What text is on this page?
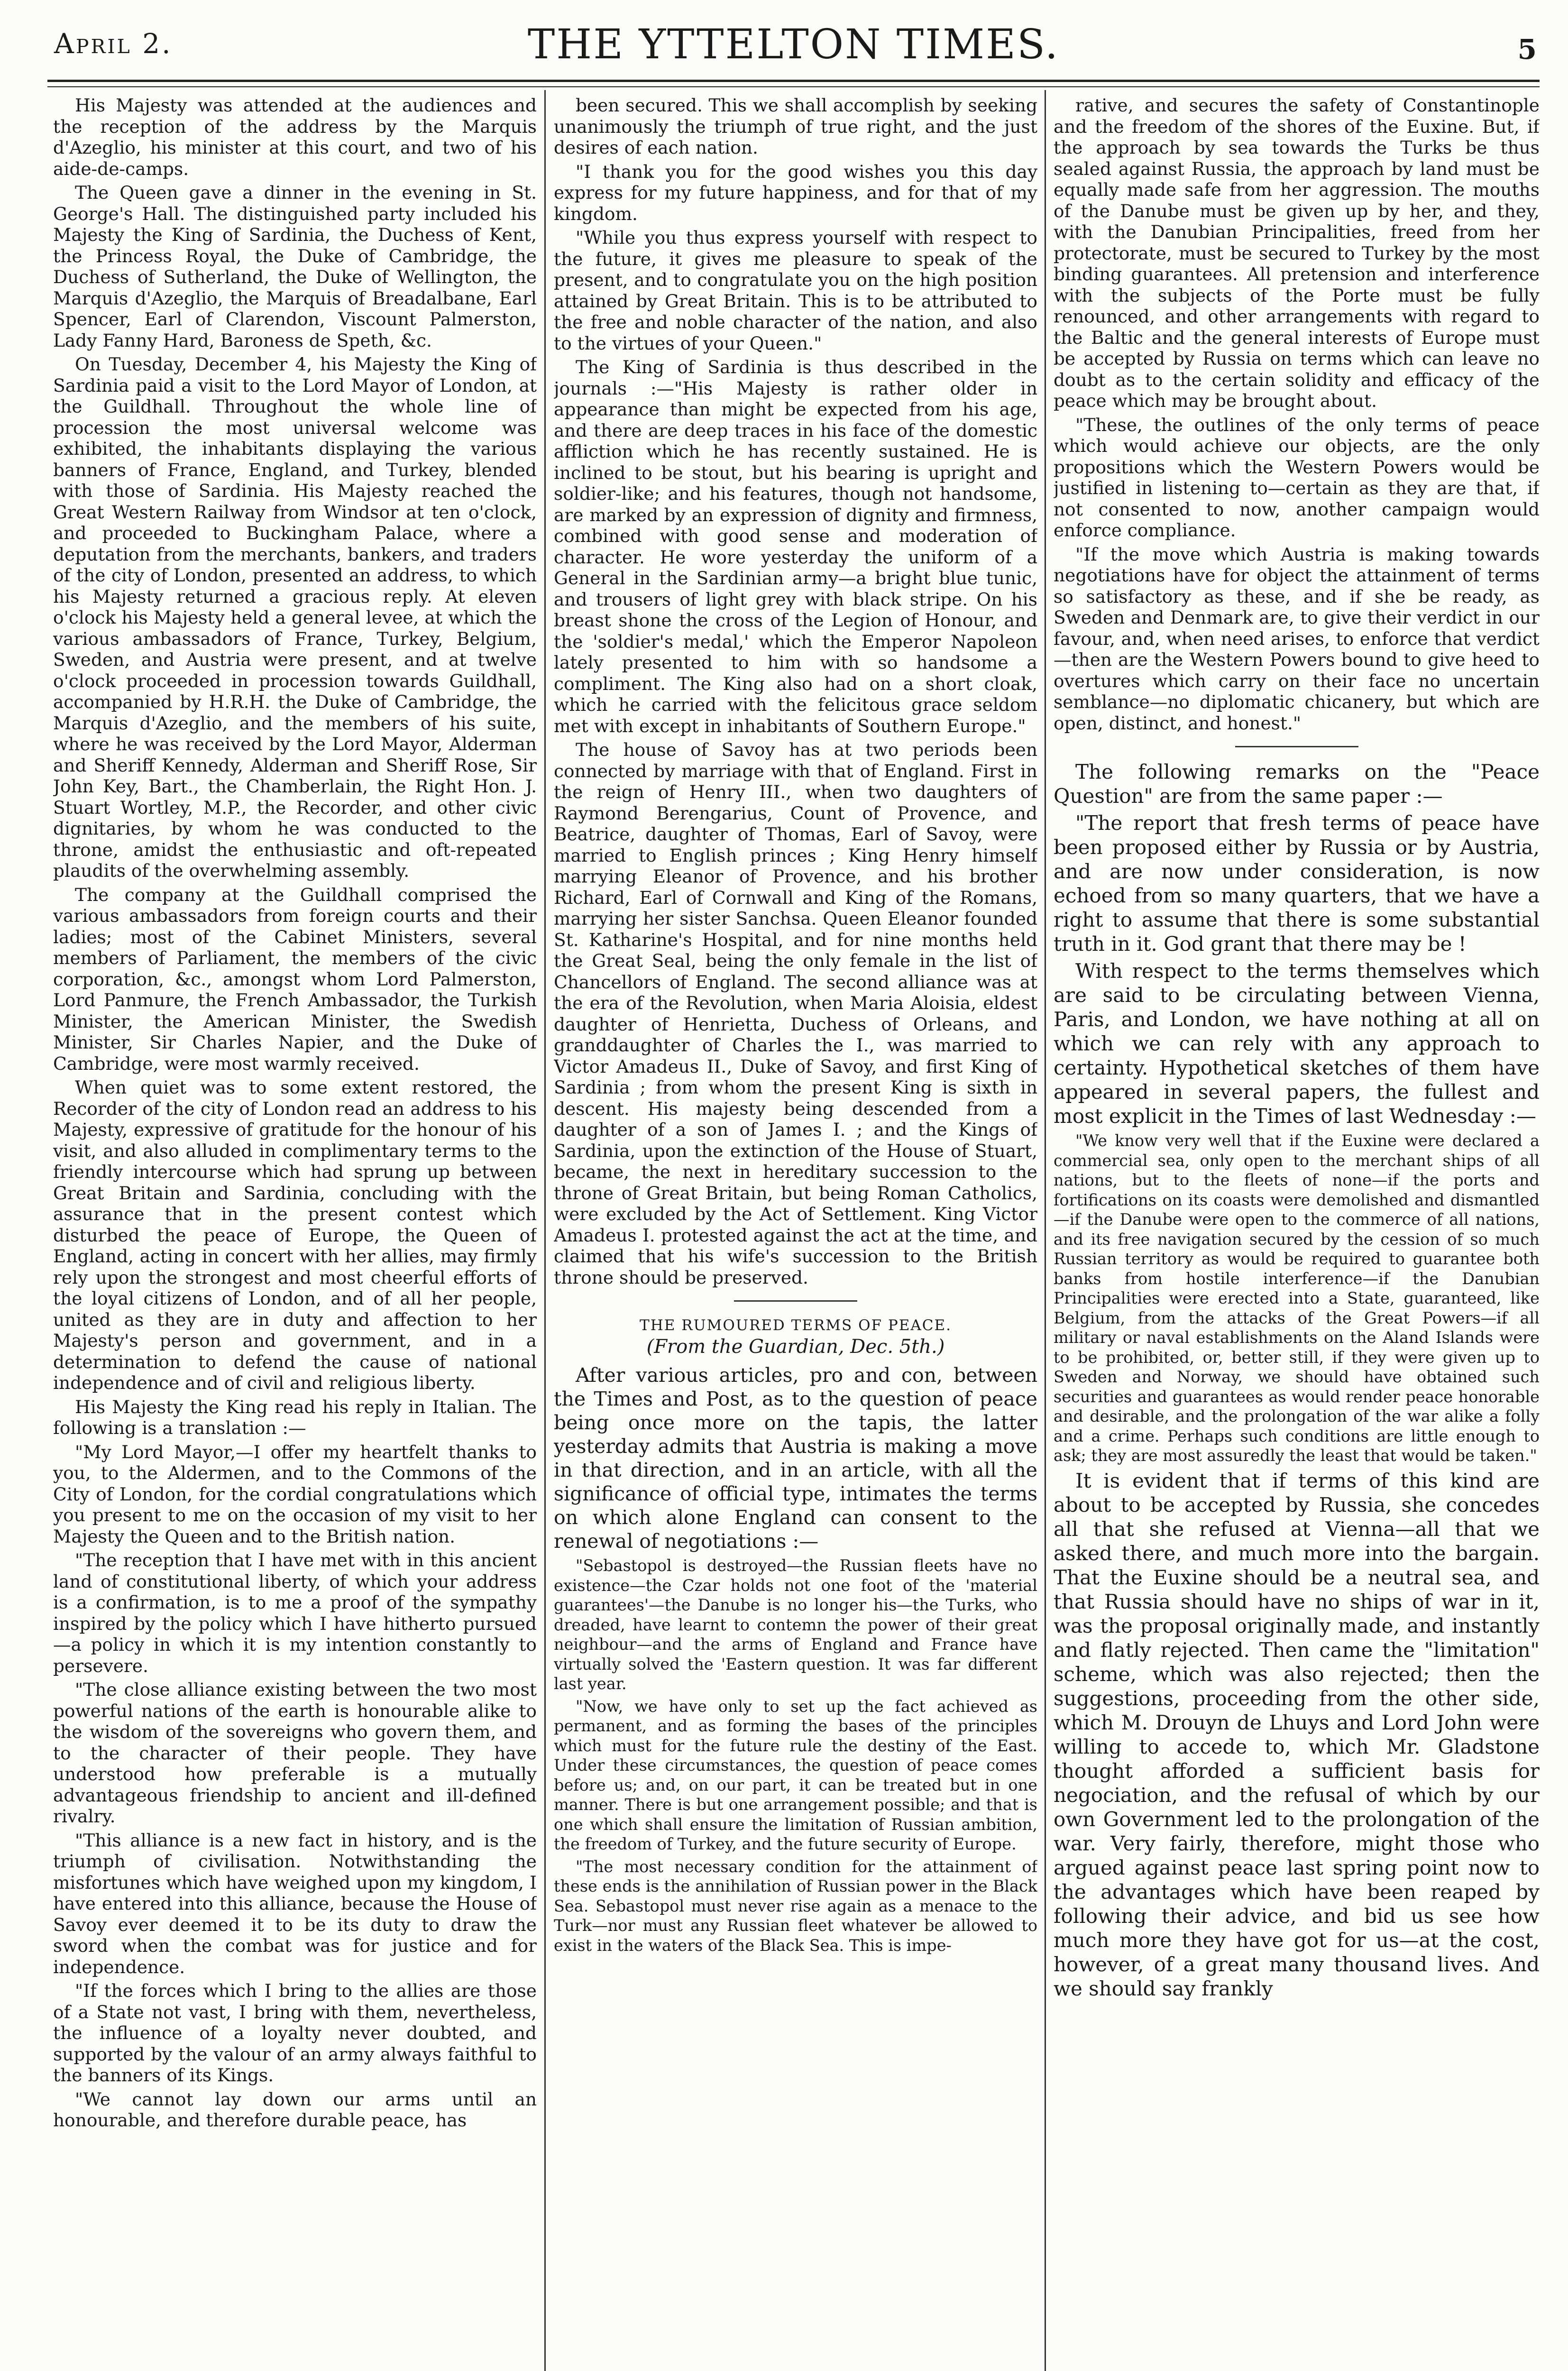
April 2.	THE YTTELTON TIMES.	5

His Majesty was attended at the audiences and the reception of the address by the Marquis d'Azeglio, his minister at this court, and two of his aide-de-camps.

The Queen gave a dinner in the evening in St. George's Hall. The distinguished party included his Majesty the King of Sardinia, the Duchess of Kent, the Princess Royal, the Duke of Cambridge, the Duchess of Sutherland, the Duke of Wellington, the Marquis d'Azeglio, the Marquis of Breadalbane, Earl Spencer, Earl of Clarendon, Viscount Palmerston, Lady Fanny Hard, Baroness de Speth, &c.

On Tuesday, December 4, his Majesty the King of Sardinia paid a visit to the Lord Mayor of London, at the Guildhall. Throughout the whole line of procession the most universal welcome was exhibited, the inhabitants displaying the various banners of France, England, and Turkey, blended with those of Sardinia. His Majesty reached the Great Western Railway from Windsor at ten o'clock, and proceeded to Buckingham Palace, where a deputation from the merchants, bankers, and traders of the city of London, presented an address, to which his Majesty returned a gracious reply. At eleven o'clock his Majesty held a general levee, at which the various ambassadors of France, Turkey, Belgium, Sweden, and Austria were present, and at twelve o'clock proceeded in procession towards Guildhall, accompanied by H.R.H. the Duke of Cambridge, the Marquis d'Azeglio, and the members of his suite, where he was received by the Lord Mayor, Alderman and Sheriff Kennedy, Alderman and Sheriff Rose, Sir John Key, Bart., the Chamberlain, the Right Hon. J. Stuart Wortley, M.P., the Recorder, and other civic dignitaries, by whom he was conducted to the throne, amidst the enthusiastic and oft-repeated plaudits of the overwhelming assembly.

The company at the Guildhall comprised the various ambassadors from foreign courts and their ladies; most of the Cabinet Ministers, several members of Parliament, the members of the civic corporation, &c., amongst whom Lord Palmerston, Lord Panmure, the French Ambassador, the Turkish Minister, the American Minister, the Swedish Minister, Sir Charles Napier, and the Duke of Cambridge, were most warmly received.

When quiet was to some extent restored, the Recorder of the city of London read an address to his Majesty, expressive of gratitude for the honour of his visit, and also alluded in complimentary terms to the friendly intercourse which had sprung up between Great Britain and Sardinia, concluding with the assurance that in the present contest which disturbed the peace of Europe, the Queen of England, acting in concert with her allies, may firmly rely upon the strongest and most cheerful efforts of the loyal citizens of London, and of all her people, united as they are in duty and affection to her Majesty's person and government, and in a determination to defend the cause of national independence and of civil and religious liberty.

His Majesty the King read his reply in Italian. The following is a translation :—

"My Lord Mayor,—I offer my heartfelt thanks to you, to the Aldermen, and to the Commons of the City of London, for the cordial congratulations which you present to me on the occasion of my visit to her Majesty the Queen and to the British nation.

"The reception that I have met with in this ancient land of constitutional liberty, of which your address is a confirmation, is to me a proof of the sympathy inspired by the policy which I have hitherto pursued—a policy in which it is my intention constantly to persevere.

"The close alliance existing between the two most powerful nations of the earth is honourable alike to the wisdom of the sovereigns who govern them, and to the character of their people. They have understood how preferable is a mutually advantageous friendship to ancient and ill-defined rivalry.

"This alliance is a new fact in history, and is the triumph of civilisation. Notwithstanding the misfortunes which have weighed upon my kingdom, I have entered into this alliance, because the House of Savoy ever deemed it to be its duty to draw the sword when the combat was for justice and for independence.

"If the forces which I bring to the allies are those of a State not vast, I bring with them, nevertheless, the influence of a loyalty never doubted, and supported by the valour of an army always faithful to the banners of its Kings.

"We cannot lay down our arms until an honourable, and therefore durable peace, has

been secured. This we shall accomplish by seeking unanimously the triumph of true right, and the just desires of each nation.

"I thank you for the good wishes you this day express for my future happiness, and for that of my kingdom.

"While you thus express yourself with respect to the future, it gives me pleasure to speak of the present, and to congratulate you on the high position attained by Great Britain. This is to be attributed to the free and noble character of the nation, and also to the virtues of your Queen."

The King of Sardinia is thus described in the journals :—"His Majesty is rather older in appearance than might be expected from his age, and there are deep traces in his face of the domestic affliction which he has recently sustained. He is inclined to be stout, but his bearing is upright and soldier-like; and his features, though not handsome, are marked by an expression of dignity and firmness, combined with good sense and moderation of character. He wore yesterday the uniform of a General in the Sardinian army—a bright blue tunic, and trousers of light grey with black stripe. On his breast shone the cross of the Legion of Honour, and the 'soldier's medal,' which the Emperor Napoleon lately presented to him with so handsome a compliment. The King also had on a short cloak, which he carried with the felicitous grace seldom met with except in inhabitants of Southern Europe."

The house of Savoy has at two periods been connected by marriage with that of England. First in the reign of Henry III., when two daughters of Raymond Berengarius, Count of Provence, and Beatrice, daughter of Thomas, Earl of Savoy, were married to English princes ; King Henry himself marrying Eleanor of Provence, and his brother Richard, Earl of Cornwall and King of the Romans, marrying her sister Sanchsa. Queen Eleanor founded St. Katharine's Hospital, and for nine months held the Great Seal, being the only female in the list of Chancellors of England. The second alliance was at the era of the Revolution, when Maria Aloisia, eldest daughter of Henrietta, Duchess of Orleans, and granddaughter of Charles the I., was married to Victor Amadeus II., Duke of Savoy, and first King of Sardinia ; from whom the present King is sixth in descent. His majesty being descended from a daughter of a son of James I. ; and the Kings of Sardinia, upon the extinction of the House of Stuart, became, the next in hereditary succession to the throne of Great Britain, but being Roman Catholics, were excluded by the Act of Settlement. King Victor Amadeus I. protested against the act at the time, and claimed that his wife's succession to the British throne should be preserved.

THE RUMOURED TERMS OF PEACE.
(From the Guardian, Dec. 5th.)

After various articles, pro and con, between the Times and Post, as to the question of peace being once more on the tapis, the latter yesterday admits that Austria is making a move in that direction, and in an article, with all the significance of official type, intimates the terms on which alone England can consent to the renewal of negotiations :—

"Sebastopol is destroyed—the Russian fleets have no existence—the Czar holds not one foot of the 'material guarantees'—the Danube is no longer his—the Turks, who dreaded, have learnt to contemn the power of their great neighbour—and the arms of England and France have virtually solved the 'Eastern question. It was far different last year.

"Now, we have only to set up the fact achieved as permanent, and as forming the bases of the principles which must for the future rule the destiny of the East. Under these circumstances, the question of peace comes before us; and, on our part, it can be treated but in one manner. There is but one arrangement possible; and that is one which shall ensure the limitation of Russian ambition, the freedom of Turkey, and the future security of Europe.

"The most necessary condition for the attainment of these ends is the annihilation of Russian power in the Black Sea. Sebastopol must never rise again as a menace to the Turk—nor must any Russian fleet whatever be allowed to exist in the waters of the Black Sea. This is impe-

rative, and secures the safety of Constantinople and the freedom of the shores of the Euxine. But, if the approach by sea towards the Turks be thus sealed against Russia, the approach by land must be equally made safe from her aggression. The mouths of the Danube must be given up by her, and they, with the Danubian Principalities, freed from her protectorate, must be secured to Turkey by the most binding guarantees. All pretension and interference with the subjects of the Porte must be fully renounced, and other arrangements with regard to the Baltic and the general interests of Europe must be accepted by Russia on terms which can leave no doubt as to the certain solidity and efficacy of the peace which may be brought about.

"These, the outlines of the only terms of peace which would achieve our objects, are the only propositions which the Western Powers would be justified in listening to—certain as they are that, if not consented to now, another campaign would enforce compliance.

"If the move which Austria is making towards negotiations have for object the attainment of terms so satisfactory as these, and if she be ready, as Sweden and Denmark are, to give their verdict in our favour, and, when need arises, to enforce that verdict—then are the Western Powers bound to give heed to overtures which carry on their face no uncertain semblance—no diplomatic chicanery, but which are open, distinct, and honest."

The following remarks on the "Peace Question" are from the same paper :—

"The report that fresh terms of peace have been proposed either by Russia or by Austria, and are now under consideration, is now echoed from so many quarters, that we have a right to assume that there is some substantial truth in it. God grant that there may be !

With respect to the terms themselves which are said to be circulating between Vienna, Paris, and London, we have nothing at all on which we can rely with any approach to certainty. Hypothetical sketches of them have appeared in several papers, the fullest and most explicit in the Times of last Wednesday :—

"We know very well that if the Euxine were declared a commercial sea, only open to the merchant ships of all nations, but to the fleets of none—if the ports and fortifications on its coasts were demolished and dismantled—if the Danube were open to the commerce of all nations, and its free navigation secured by the cession of so much Russian territory as would be required to guarantee both banks from hostile interference—if the Danubian Principalities were erected into a State, guaranteed, like Belgium, from the attacks of the Great Powers—if all military or naval establishments on the Aland Islands were to be prohibited, or, better still, if they were given up to Sweden and Norway, we should have obtained such securities and guarantees as would render peace honorable and desirable, and the prolongation of the war alike a folly and a crime. Perhaps such conditions are little enough to ask; they are most assuredly the least that would be taken."

It is evident that if terms of this kind are about to be accepted by Russia, she concedes all that she refused at Vienna—all that we asked there, and much more into the bargain. That the Euxine should be a neutral sea, and that Russia should have no ships of war in it, was the proposal originally made, and instantly and flatly rejected. Then came the "limitation" scheme, which was also rejected; then the suggestions, proceeding from the other side, which M. Drouyn de Lhuys and Lord John were willing to accede to, which Mr. Gladstone thought afforded a sufficient basis for negociation, and the refusal of which by our own Government led to the prolongation of the war. Very fairly, therefore, might those who argued against peace last spring point now to the advantages which have been reaped by following their advice, and bid us see how much more they have got for us—at the cost, however, of a great many thousand lives. And we should say frankly
